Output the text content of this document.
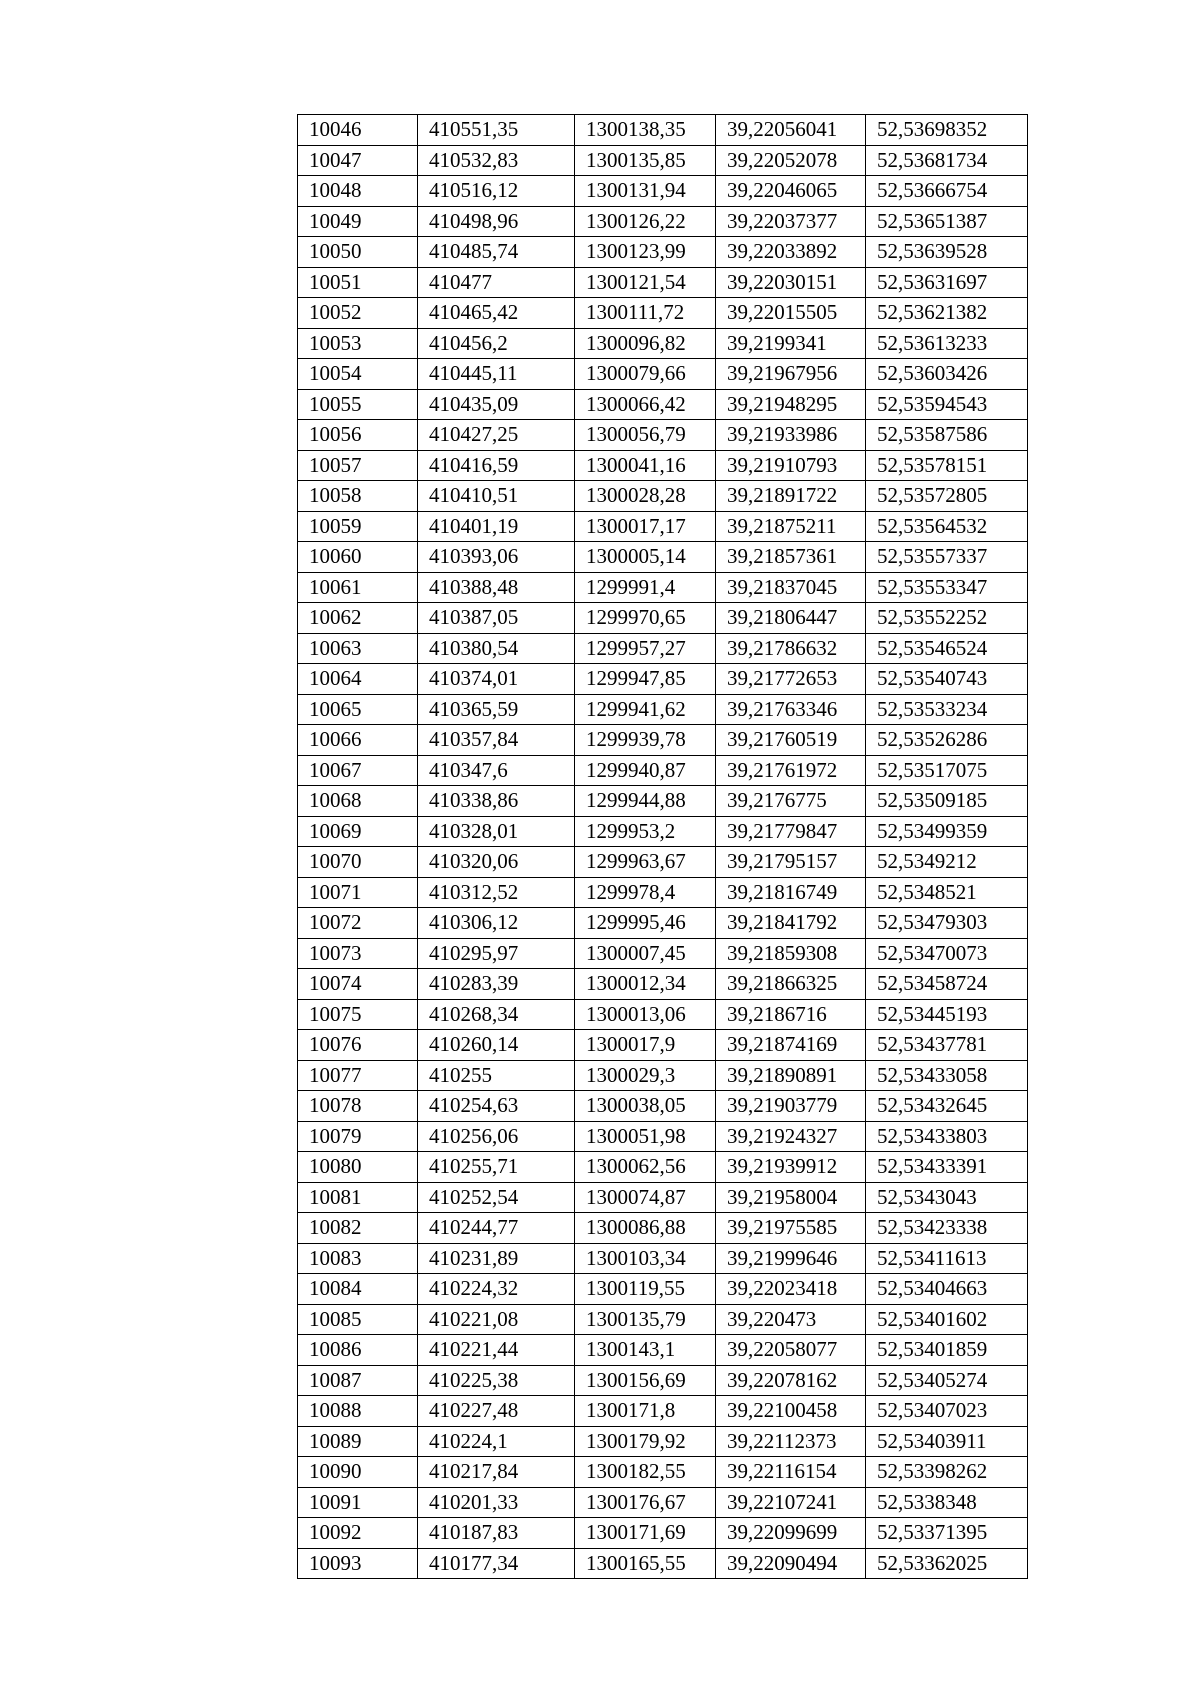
10046	410551,35	1300138,35	39,22056041	52,53698352
10047	410532,83	1300135,85	39,22052078	52,53681734
10048	410516,12	1300131,94	39,22046065	52,53666754
10049	410498,96	1300126,22	39,22037377	52,53651387
10050	410485,74	1300123,99	39,22033892	52,53639528
10051	410477	1300121,54	39,22030151	52,53631697
10052	410465,42	1300111,72	39,22015505	52,53621382
10053	410456,2	1300096,82	39,2199341	52,53613233
10054	410445,11	1300079,66	39,21967956	52,53603426
10055	410435,09	1300066,42	39,21948295	52,53594543
10056	410427,25	1300056,79	39,21933986	52,53587586
10057	410416,59	1300041,16	39,21910793	52,53578151
10058	410410,51	1300028,28	39,21891722	52,53572805
10059	410401,19	1300017,17	39,21875211	52,53564532
10060	410393,06	1300005,14	39,21857361	52,53557337
10061	410388,48	1299991,4	39,21837045	52,53553347
10062	410387,05	1299970,65	39,21806447	52,53552252
10063	410380,54	1299957,27	39,21786632	52,53546524
10064	410374,01	1299947,85	39,21772653	52,53540743
10065	410365,59	1299941,62	39,21763346	52,53533234
10066	410357,84	1299939,78	39,21760519	52,53526286
10067	410347,6	1299940,87	39,21761972	52,53517075
10068	410338,86	1299944,88	39,2176775	52,53509185
10069	410328,01	1299953,2	39,21779847	52,53499359
10070	410320,06	1299963,67	39,21795157	52,5349212
10071	410312,52	1299978,4	39,21816749	52,5348521
10072	410306,12	1299995,46	39,21841792	52,53479303
10073	410295,97	1300007,45	39,21859308	52,53470073
10074	410283,39	1300012,34	39,21866325	52,53458724
10075	410268,34	1300013,06	39,2186716	52,53445193
10076	410260,14	1300017,9	39,21874169	52,53437781
10077	410255	1300029,3	39,21890891	52,53433058
10078	410254,63	1300038,05	39,21903779	52,53432645
10079	410256,06	1300051,98	39,21924327	52,53433803
10080	410255,71	1300062,56	39,21939912	52,53433391
10081	410252,54	1300074,87	39,21958004	52,5343043
10082	410244,77	1300086,88	39,21975585	52,53423338
10083	410231,89	1300103,34	39,21999646	52,53411613
10084	410224,32	1300119,55	39,22023418	52,53404663
10085	410221,08	1300135,79	39,220473	52,53401602
10086	410221,44	1300143,1	39,22058077	52,53401859
10087	410225,38	1300156,69	39,22078162	52,53405274
10088	410227,48	1300171,8	39,22100458	52,53407023
10089	410224,1	1300179,92	39,22112373	52,53403911
10090	410217,84	1300182,55	39,22116154	52,53398262
10091	410201,33	1300176,67	39,22107241	52,5338348
10092	410187,83	1300171,69	39,22099699	52,53371395
10093	410177,34	1300165,55	39,22090494	52,53362025
